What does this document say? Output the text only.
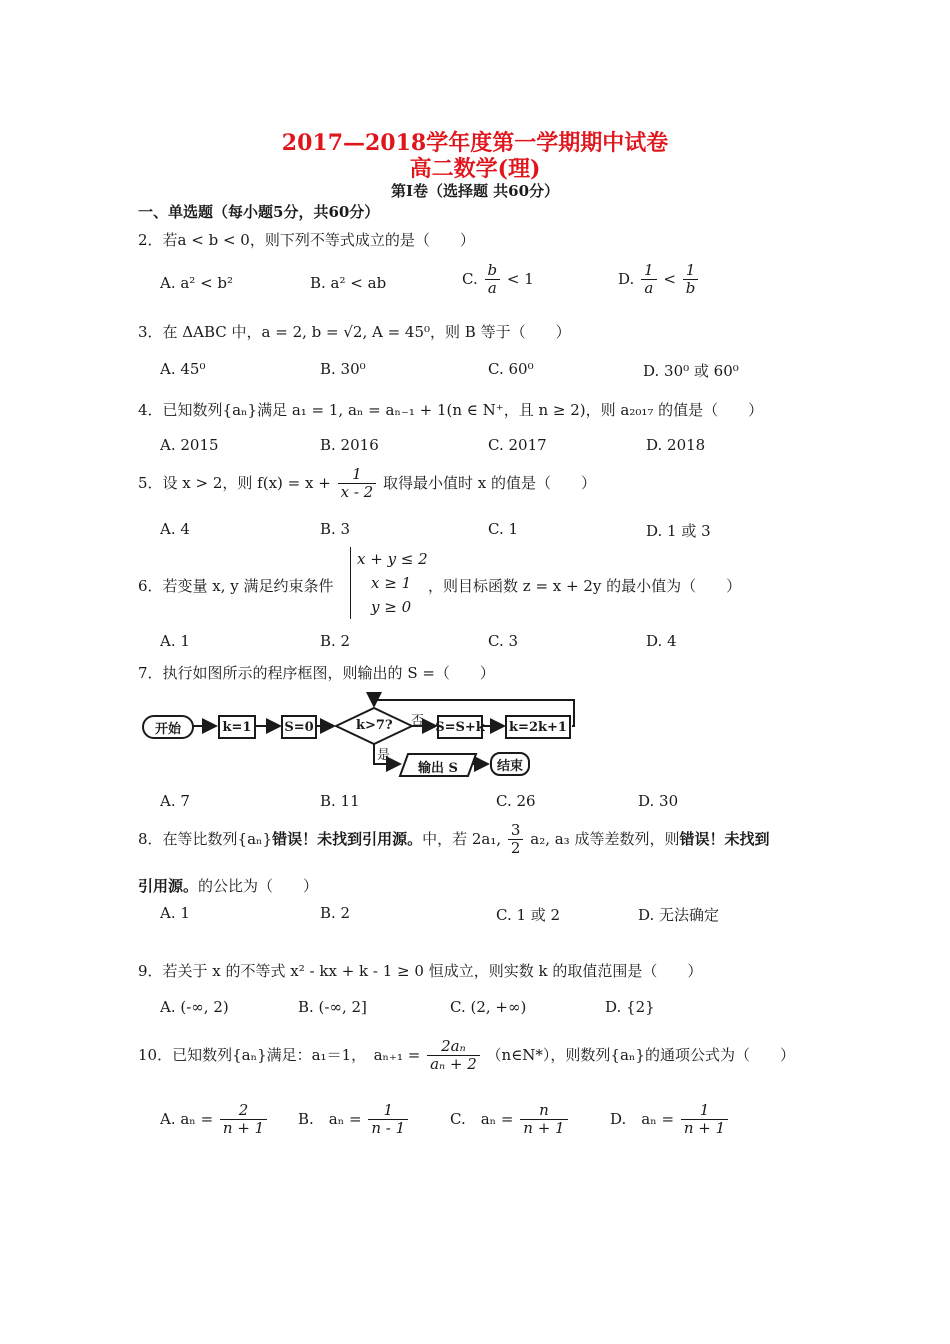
2017—2018学年度第一学期期中试卷
高二数学(理)
第Ⅰ卷（选择题 共60分）
一、单选题（每小题5分，共60分）
2．若a < b < 0，则下列不等式成立的是（　　）
A. a² < b²	B. a² < ab	C. $\frac{b}{a} < 1$	D. $\frac{1}{a} < \frac{1}{b}$
3．在 ΔABC 中，a = 2, b = √2, A = 45⁰，则 B 等于（　　）
A. 45⁰	B. 30⁰	C. 60⁰	D. 30⁰ 或 60⁰
4．已知数列{aₙ}满足 a₁ = 1, aₙ = aₙ₋₁ + 1(n ∈ N⁺，且 n ≥ 2)，则 a₂₀₁₇ 的值是（　　）
A. 2015	B. 2016	C. 2017	D. 2018
5．设 x > 2，则 $f(x) = x + \frac{1}{x - 2}$ 取得最小值时 x 的值是（　　）
A. 4	B. 3	C. 1	D. 1 或 3
6．若变量 x, y 满足约束条件
x + y ≤ 2
x ≥ 1
y ≥ 0
，则目标函数 z = x + 2y 的最小值为（　　）
A. 1	B. 2	C. 3	D. 4
7．执行如图所示的程序框图，则输出的 S =（　　）
开始	k=1	S=0	k>7? 否 S=S+k	k=2k+1
是
输出 S	结束
A. 7	B. 11	C. 26	D. 30
8．在等比数列{aₙ}错误！未找到引用源。中，若 2a₁, $\frac{3}{2} a_2$, a₃ 成等差数列，则错误！未找到
引用源。的公比为（　　）
A. 1	B. 2	C. 1 或 2	D. 无法确定
9．若关于 x 的不等式 x² - kx + k - 1 ≥ 0 恒成立，则实数 k 的取值范围是（　　）
A. (-∞, 2)	B. (-∞, 2]	C. (2, +∞)	D. {2}
10．已知数列{aₙ}满足：a₁＝1，　$a_{n+1} = \frac{\text{2aₙ}}{\text{aₙ + 2}}$ （n∈N*），则数列{aₙ}的通项公式为（　　）
A. $a_n = \frac{2}{n + 1} B$.　$a_n = \frac{1}{n - 1}$	C.　$a_n = \frac{n}{n + 1}$	D.　$a_n = \frac{1}{n + 1}$
